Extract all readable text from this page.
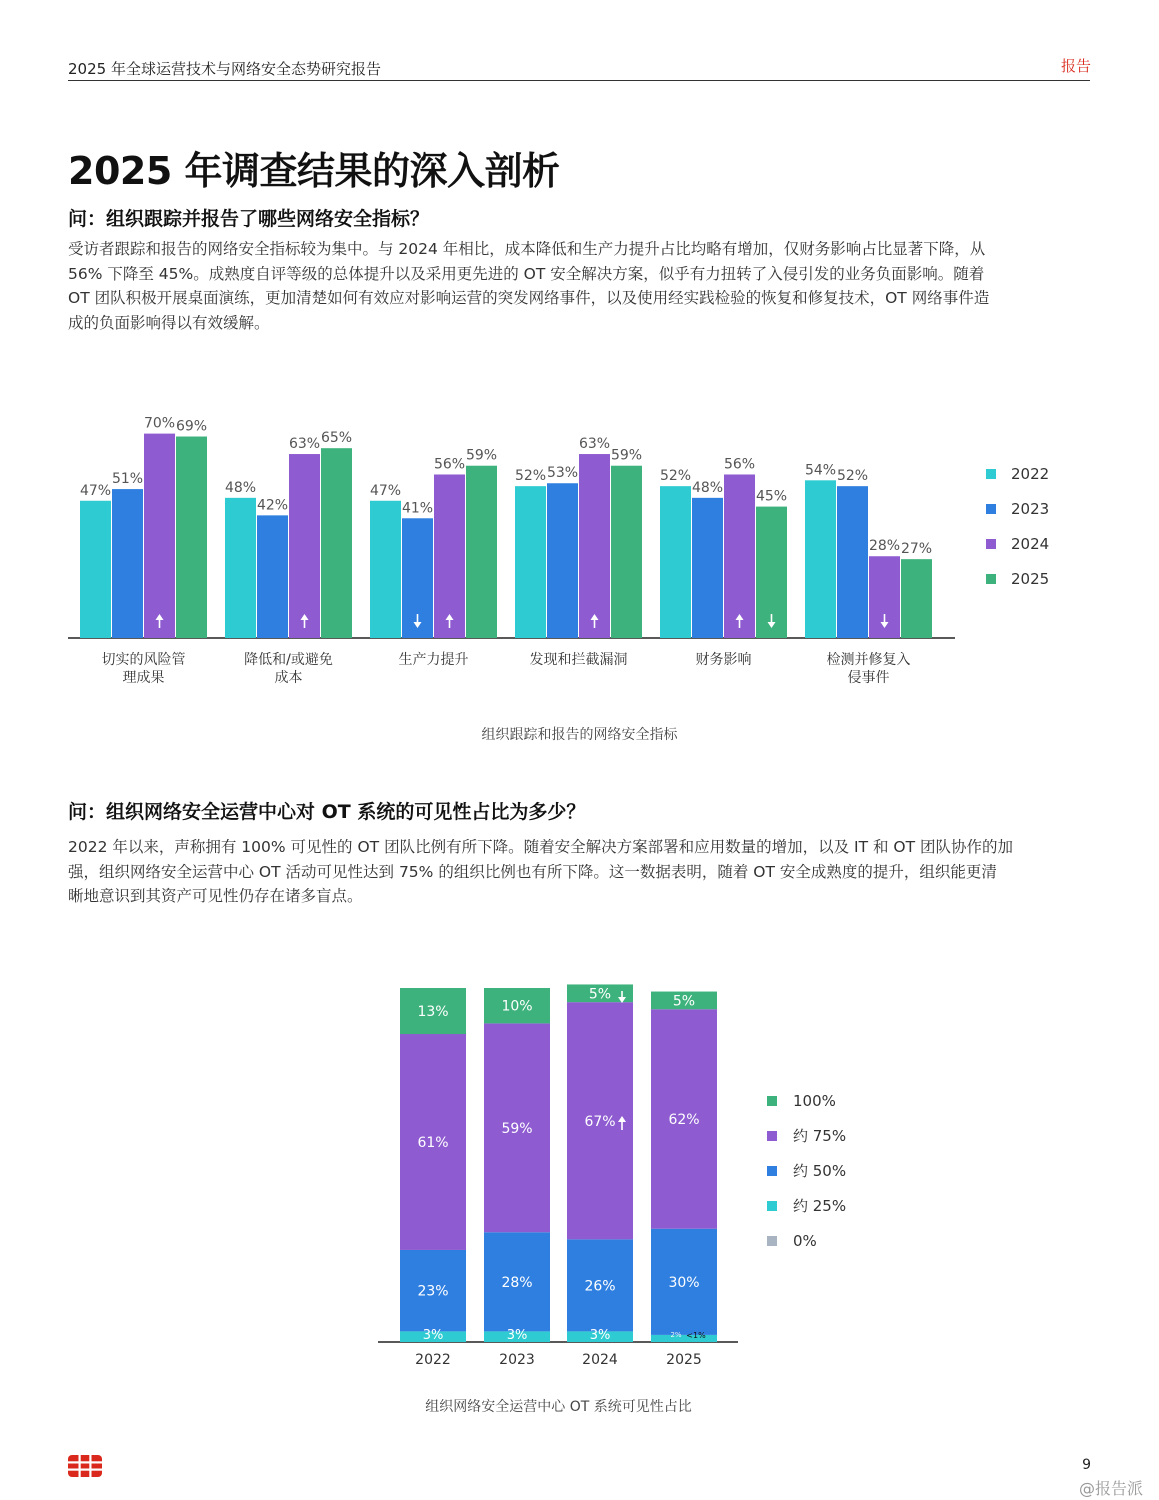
2025 年全球运营技术与网络安全态势研究报告	报告
2025 年调查结果的深入剖析
问：组织跟踪并报告了哪些网络安全指标？
受访者跟踪和报告的网络安全指标较为集中。与 2024 年相比，成本降低和生产力提升占比均略有增加，仅财务影响占比显著下降，从
56% 下降至 45%。成熟度自评等级的总体提升以及采用更先进的 OT 安全解决方案，似乎有力扭转了入侵引发的业务负面影响。随着
OT 团队积极开展桌面演练，更加清楚如何有效应对影响运营的突发网络事件，以及使用经实践检验的恢复和修复技术，OT 网络事件造
成的负面影响得以有效缓解。
47%
51%
70% 69%
切实的风险管
理成果
48%
42%
63% 65%
降低和/或避免
成本
47%
41%
56%
59%
生产力提升
52% 53%
63%
59%
发现和拦截漏洞
52%
48%
56%
45%
财务影响
54% 52%
28% 27%
检测并修复入
侵事件
2022
2023
2024
2025
组织跟踪和报告的网络安全指标
问：组织网络安全运营中心对 OT 系统的可见性占比为多少？
2022 年以来，声称拥有 100% 可见性的 OT 团队比例有所下降。随着安全解决方案部署和应用数量的增加，以及 IT 和 OT 团队协作的加
强，组织网络安全运营中心 OT 活动可见性达到 75% 的组织比例也有所下降。这一数据表明，随着 OT 安全成熟度的提升，组织能更清
晰地意识到其资产可见性仍存在诸多盲点。
2022	2023	2024	2025
23%
61%
13%
3%
28%
59%
10%
3%
26%
67%
5%
3%
30%
62%
5%
2% <1%
100%
约 75%
约 50%
约 25%
0%
组织网络安全运营中心 OT 系统可见性占比
9
@报告派
